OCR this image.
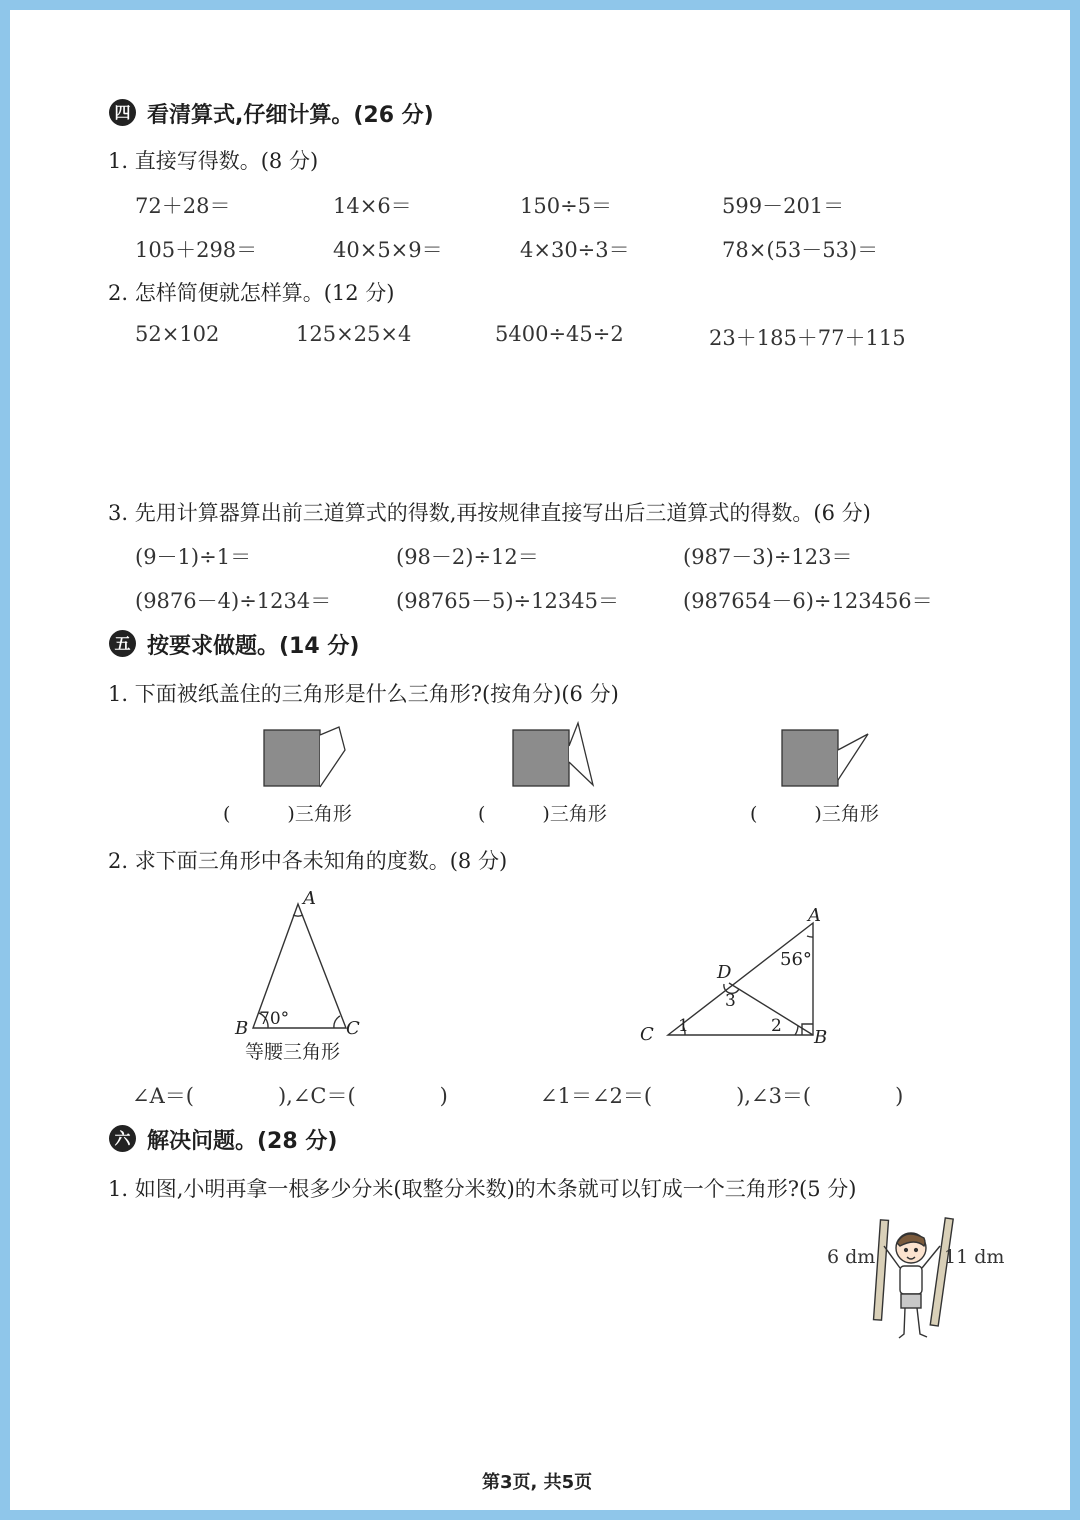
四 看清算式,仔细计算。(26 分)
1. 直接写得数。(8 分)
72＋28＝	14×6＝	150÷5＝	599－201＝
105＋298＝	40×5×9＝	4×30÷3＝	78×(53－53)＝
2. 怎样简便就怎样算。(12 分)
52×102	125×25×4	5400÷45÷2	23＋185＋77＋115
3. 先用计算器算出前三道算式的得数,再按规律直接写出后三道算式的得数。(6 分)
(9－1)÷1＝	(98－2)÷12＝	(987－3)÷123＝
(9876－4)÷1234＝	(98765－5)÷12345＝	(987654－6)÷123456＝
五 按要求做题。(14 分)
1. 下面被纸盖住的三角形是什么三角形?(按角分)(6 分)
(　　　)三角形	(　　　)三角形	(　　　)三角形
2. 求下面三角形中各未知角的度数。(8 分)
A
B	C
70°
A
B
C
D
56°
1	2
3
等腰三角形
∠A＝(　　　　),∠C＝(　　　　)	∠1＝∠2＝(　　　　),∠3＝(　　　　)
六 解决问题。(28 分)
1. 如图,小明再拿一根多少分米(取整分米数)的木条就可以钉成一个三角形?(5 分)
6 dm	11 dm
第3页, 共5页
